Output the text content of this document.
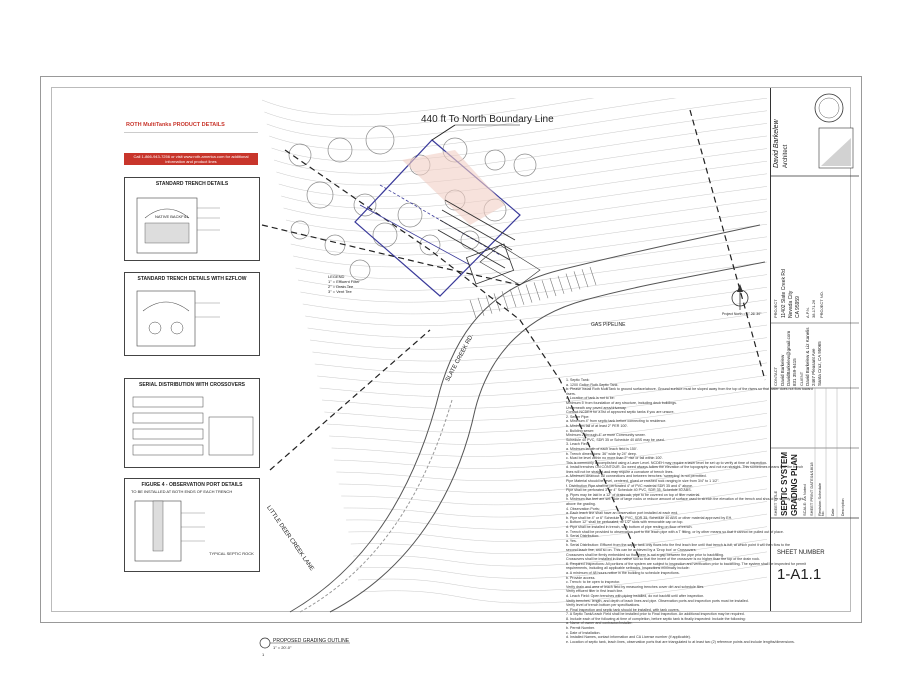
440 ft To North Boundary Line
SLATE CREEK RD.
LITTLE DEER CREEK LANE
GAS PIPELINE
PROPOSED GRADING OUTLINE
1" = 20'-0"
1
Project North = 6° 26' 30"
LEGEND
1" = Effluent Filter
2" = Drain Tee
3" = Vent Tee
ROTH MultiTanks PRODUCT DETAILS
Call 1-866-943-7256 or visit www.roth-america.com for additional information and product lines
STANDARD TRENCH DETAILS
NATIVE BACKFILL
STANDARD TRENCH DETAILS WITH EZFLOW
SERIAL DISTRIBUTION WITH CROSSOVERS
FIGURE 4 - OBSERVATION PORT DETAILS
TO BE INSTALLED AT BOTH ENDS OF EACH TRENCH
TYPICAL SEPTIC ROCK
1. Septic Tank:
a. 1200 Gallon Roth Septic Tank.
b. Please install Roth MultiTank to ground surface/above. Ground surface must be sloped away from the top of the risers so that water does not flow toward
risers.
c. Location of tank is not to be:
Minimum 5' from foundation of any structure, including deck buildings.
Underneath any paved area/driveway.
Contact NCDEH for a list of approved septic tanks if you are unsure.
2. Sewer Pipe:
a. Minimum 4" from septic tank before connecting to residence.
b. Minimum fall of at least 2" PER 100'.
c. Building sewer:
Minimum 2' through 4" or more Community sewer.
Schedule 40 PVC, SDR 35 or Schedule 40 ABS may be used.
3. Leach Field:
a. Minimum length of each leach field is 150'.
b. Trench dimensions: 36" wide by 24" deep.
c. Must be level within no more than 2" rise or fall within 100'.
This is commonly accomplished using a Laser Level. NCDEH may require a laser level be set up to verify at time of inspection.
d. Install trenches ON CONTOUR. Do weed always follow the elevation of the topography and not run straight. This sometimes means that the trench
lines will not be straight and may require a curvature of trench lines.
e. Minimum cleanout: All connections and between trenches: 'sweeping' is not permitted.
Pipe Material should be level, centered, glued or crushed rock ranging in size from 3/4" to 1 1/2".
f. Distribution Pipe shall be perforated 4" of PVC material SDR 35 and 4" above.
Pipe shall be perforated 3" or 4" Schedule 40 PVC, SDR 35, Schedule 40 ABS.
g. Pipes may be laid in a 12" of drainrock, pipe to be covered on top of filter material.
h. Minimum five feet are set: Side of large rocks or reduce amount of surface used to stretch the elevation of the trench and should be slightly brought
above the grading.
4. Observation Ports:
a. Each leach line shall have an observation port installed at each end.
b. Pipe shall be 4" or 6" Schedule 40 PVC, SDR 35, Schedule 40 ABS or other material approved by EH.
c. Bottom 12" shall be perforated, w/ 1/2" slots with removable cap on top.
d. Pipe shall be installed in trench, with bottom of pipe resting on floor of trench.
e. Trench shall be provided to observation port to the leach pipe with a T fitting, or by other means so that it cannot be pulled out of place.
5. Serial Distribution:
a. Yes.
b. Serial Distribution: Effluent from the septic tank only flows into the first leach line until that trench is full, at which point it will then flow to the
second leach line, and so on. This can be achieved by a 'Drop box' or Crossovers.
Crossovers shall be firmly embedded so that there is not a gap between the pipe prior to backfilling.
Crossovers shall be installed in the native soil so that the invert of the crossover is no higher than the top of the drain rock.
6. Required Inspections: All portions of the system are subject to inspection and verification prior to backfilling. The system shall be inspected for permit
requirements, including all applicable setbacks. Inspections minimally include:
a. A minimum of 48 hours notice in the building to schedule inspections.
b. Provide access.
c. Trench: to be open to inspector.
Verify drain and area of leach field by measuring trenches cover dirt and schedule files.
Verify effluent filter in first leach line.
d. Leach Field: Open trenches with piping installed, do not backfill until after inspection.
Verify trenches: length, and depth of leach lines and pipe. Observation ports and inspection ports must be installed.
Verify level of trench bottom per specifications.
e. Final inspection and septic tank should be installed, with tank covers.
7. A Septic Tank/Leach Field shall be installed prior to Final Inspection. An additional inspection may be required.
8. Include each of the following at time of completion, before septic tank is finally inspected: Include the following:
a. Name of owner and contractor/installer.
b. Permit Number.
c. Date of Installation.
d. Installed Names, contact information and CA License number (if applicable).
e. Location of septic tank, leach lines, observation ports that are triangulated to at least two (2) reference points and include lengths/dimensions.
David Barkelew Architect
PROJECT 11402 Slate Creek Rd Nevada City CA 95959 A.P.N. 38-171-26 PROJECT NO.
CONTACT David Barkelew DavidBarkelew@gmail.com 831 359-9415 CLIENT David Barkelew & Liz Kanelis 2467 Pleasant Ave Santa Cruz, CA 95065
SHEET TITLE SEPTIC SYSTEM GRADING PLAN SCALE: As Noted SHEET PRINT DATE
04/18/18
Revision Schedule No. Date Description
SHEET NUMBER
1-A1.1
